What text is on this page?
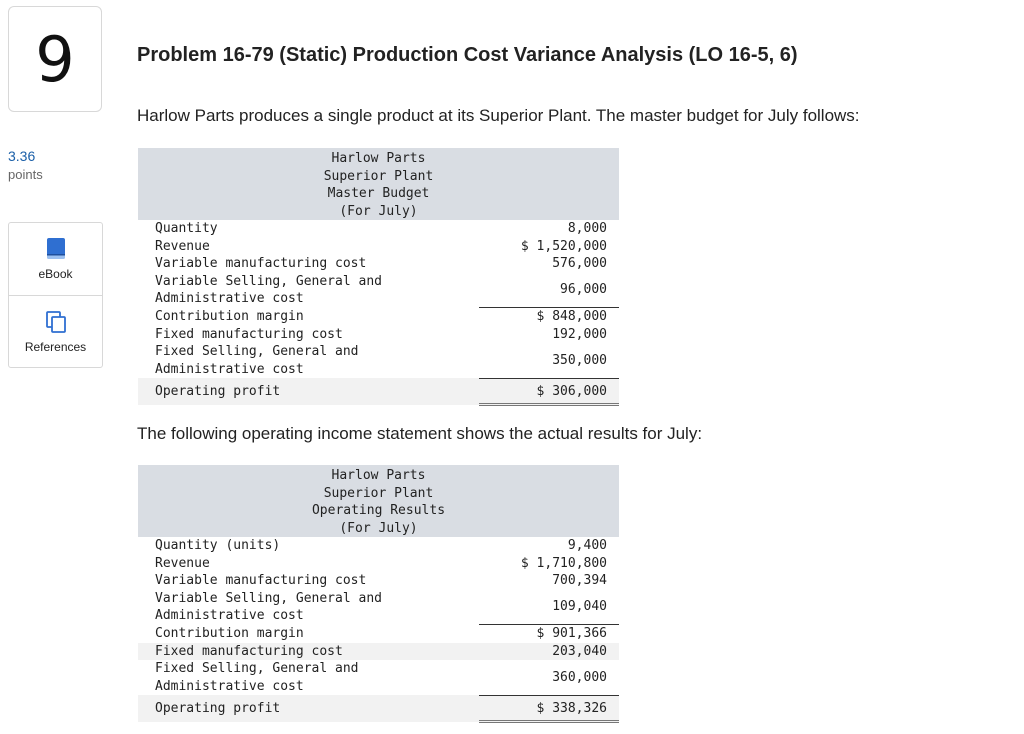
9
3.36
points
eBook
References
Problem 16-79 (Static) Production Cost Variance Analysis (LO 16-5, 6)
Harlow Parts produces a single product at its Superior Plant. The master budget for July follows:
Harlow Parts
Superior Plant
Master Budget
(For July)	

Quantity	8,000
Revenue	$ 1,520,000
Variable manufacturing cost	576,000

Variable Selling, General and
Administrative cost	96,000
Contribution margin	$ 848,000
Fixed manufacturing cost	192,000

Fixed Selling, General and
Administrative cost	350,000
Operating profit	$ 306,000
The following operating income statement shows the actual results for July:
Harlow Parts
Superior Plant
Operating Results
(For July)	

Quantity (units)	9,400
Revenue	$ 1,710,800
Variable manufacturing cost	700,394

Variable Selling, General and
Administrative cost	109,040
Contribution margin	$ 901,366
Fixed manufacturing cost	203,040

Fixed Selling, General and
Administrative cost	360,000
Operating profit	$ 338,326
